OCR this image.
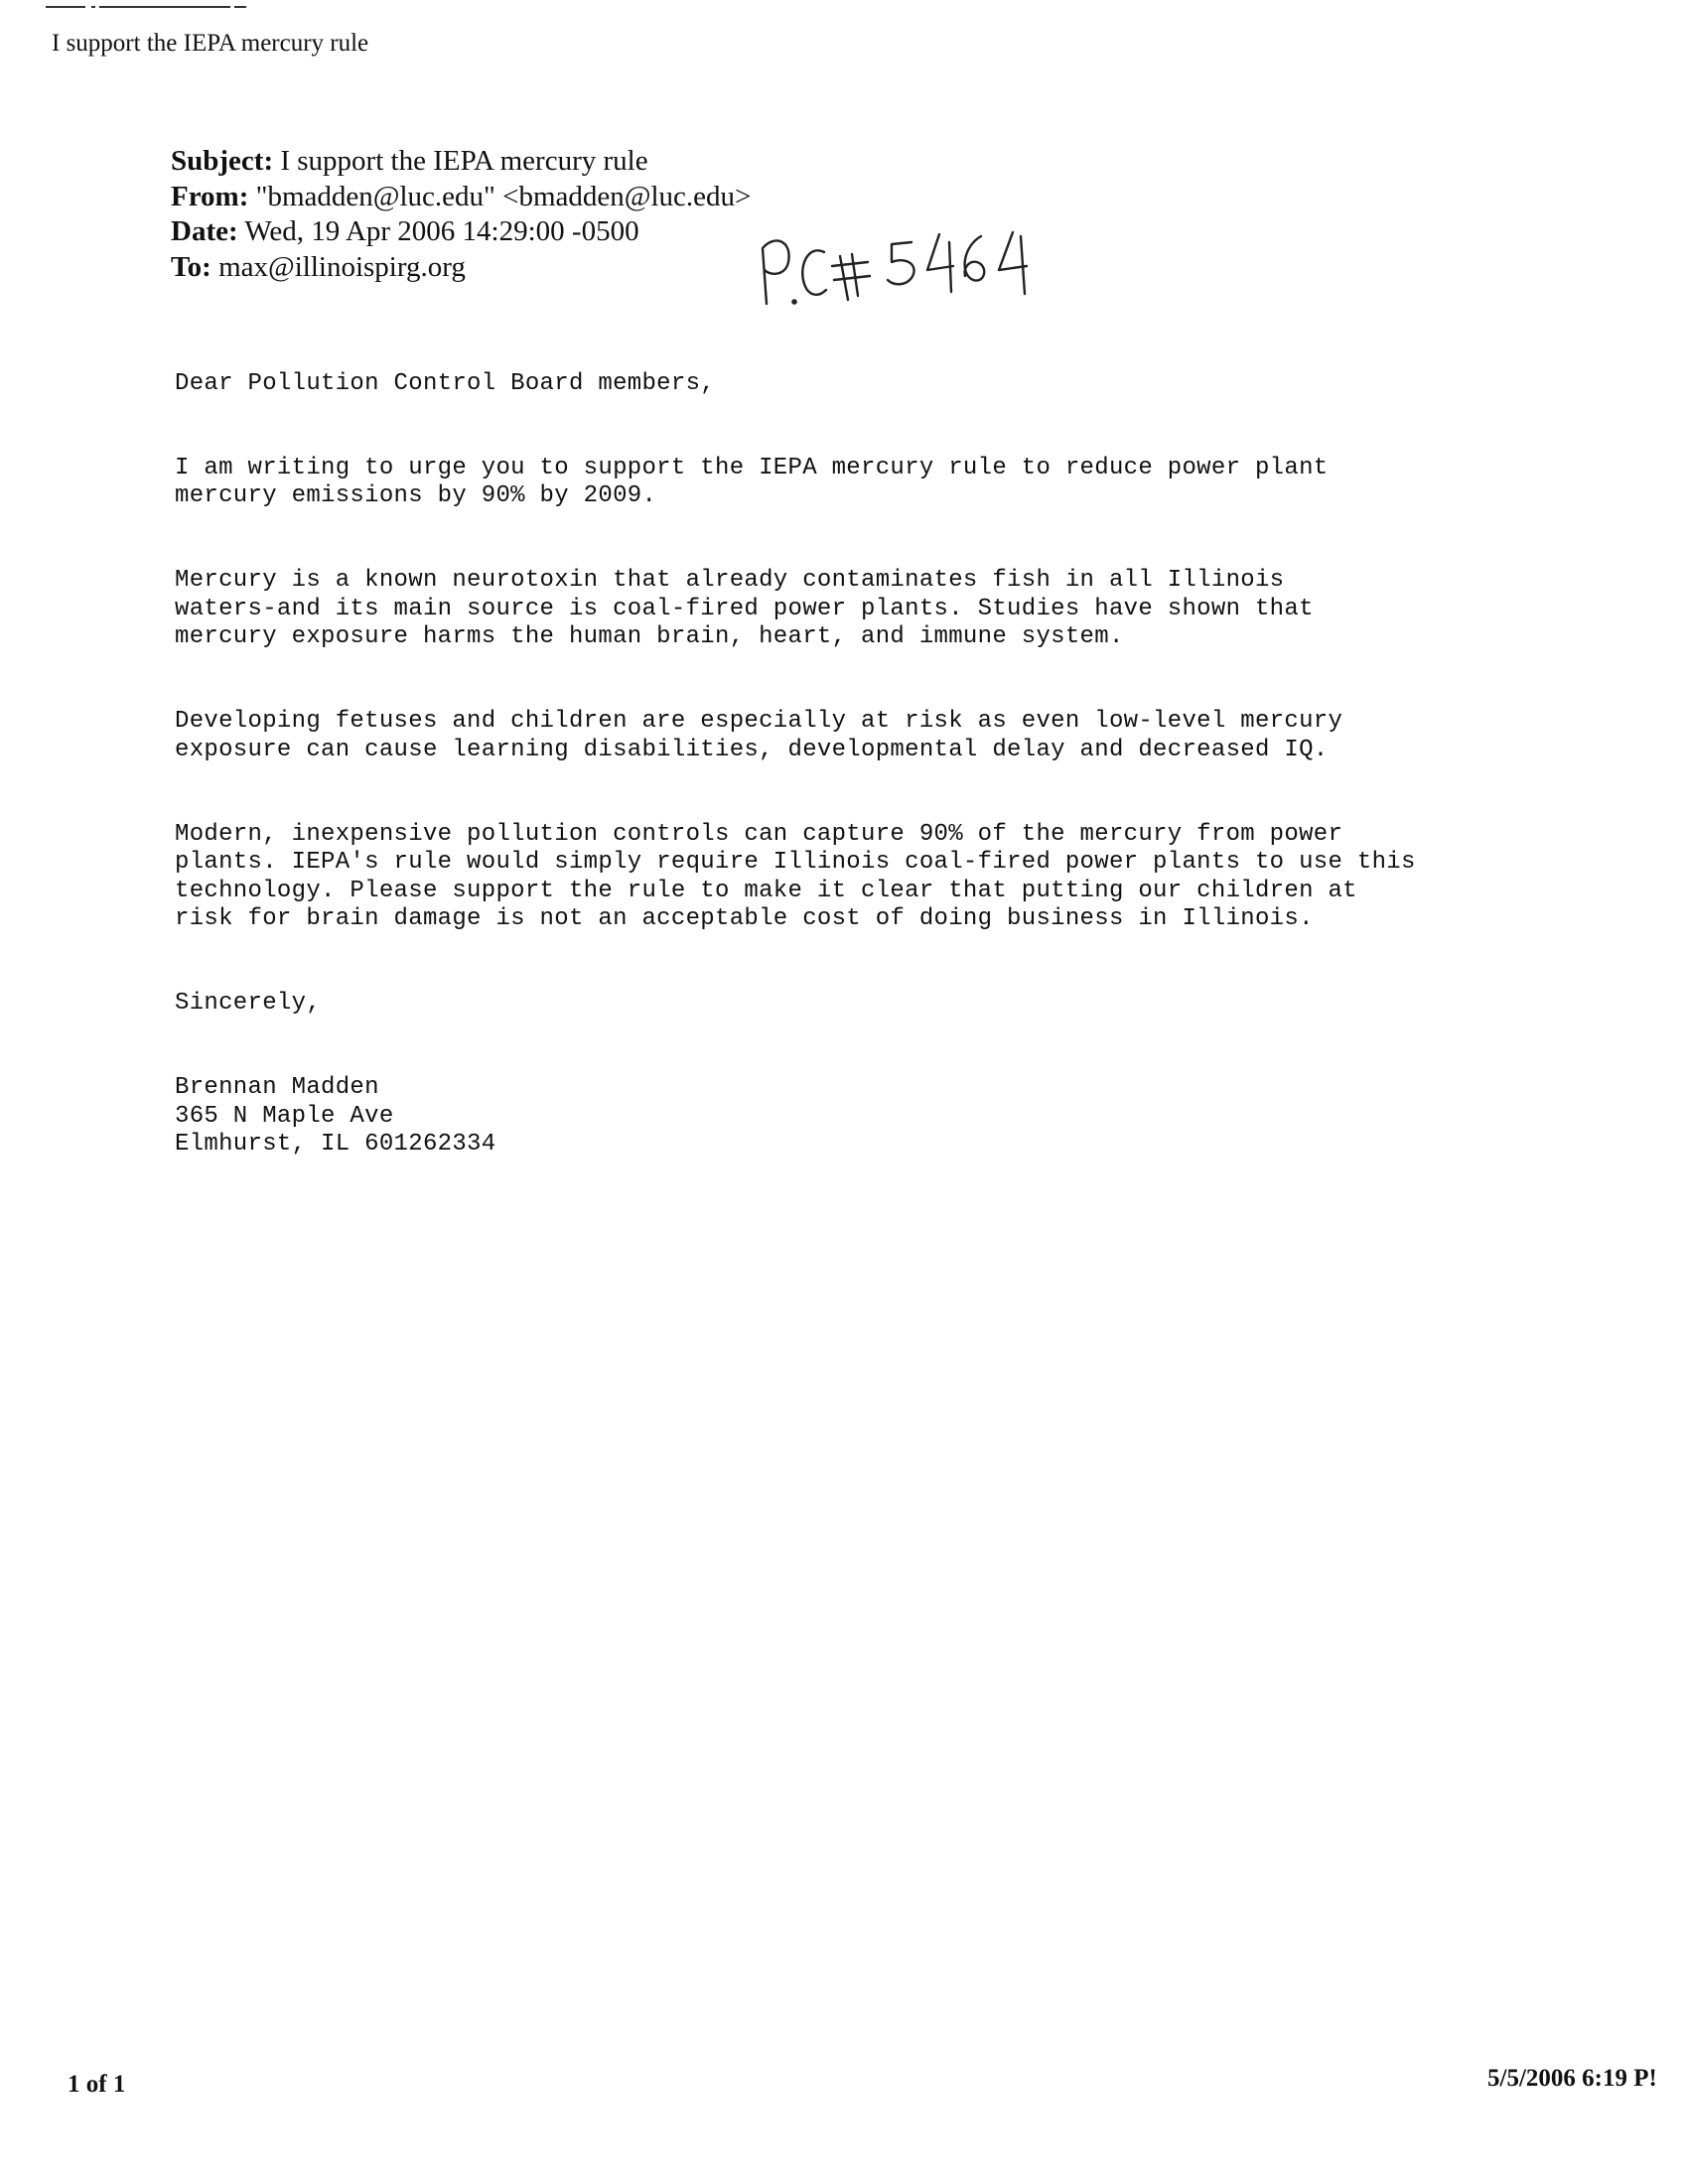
I support the IEPA mercury rule
Subject: I support the IEPA mercury rule
From: "bmadden@luc.edu" <bmadden@luc.edu>
Date: Wed, 19 Apr 2006 14:29:00 -0500
To: max@illinoispirg.org

Dear Pollution Control Board members,

I am writing to urge you to support the IEPA mercury rule to reduce power plant
mercury emissions by 90% by 2009.

Mercury is a known neurotoxin that already contaminates fish in all Illinois
waters-and its main source is coal-fired power plants. Studies have shown that
mercury exposure harms the human brain, heart, and immune system.

Developing fetuses and children are especially at risk as even low-level mercury
exposure can cause learning disabilities, developmental delay and decreased IQ.

Modern, inexpensive pollution controls can capture 90% of the mercury from power
plants. IEPA's rule would simply require Illinois coal-fired power plants to use this
technology. Please support the rule to make it clear that putting our children at
risk for brain damage is not an acceptable cost of doing business in Illinois.

Sincerely,

Brennan Madden
365 N Maple Ave
Elmhurst, IL 601262334

1 of 1	5/5/2006 6:19 P!
